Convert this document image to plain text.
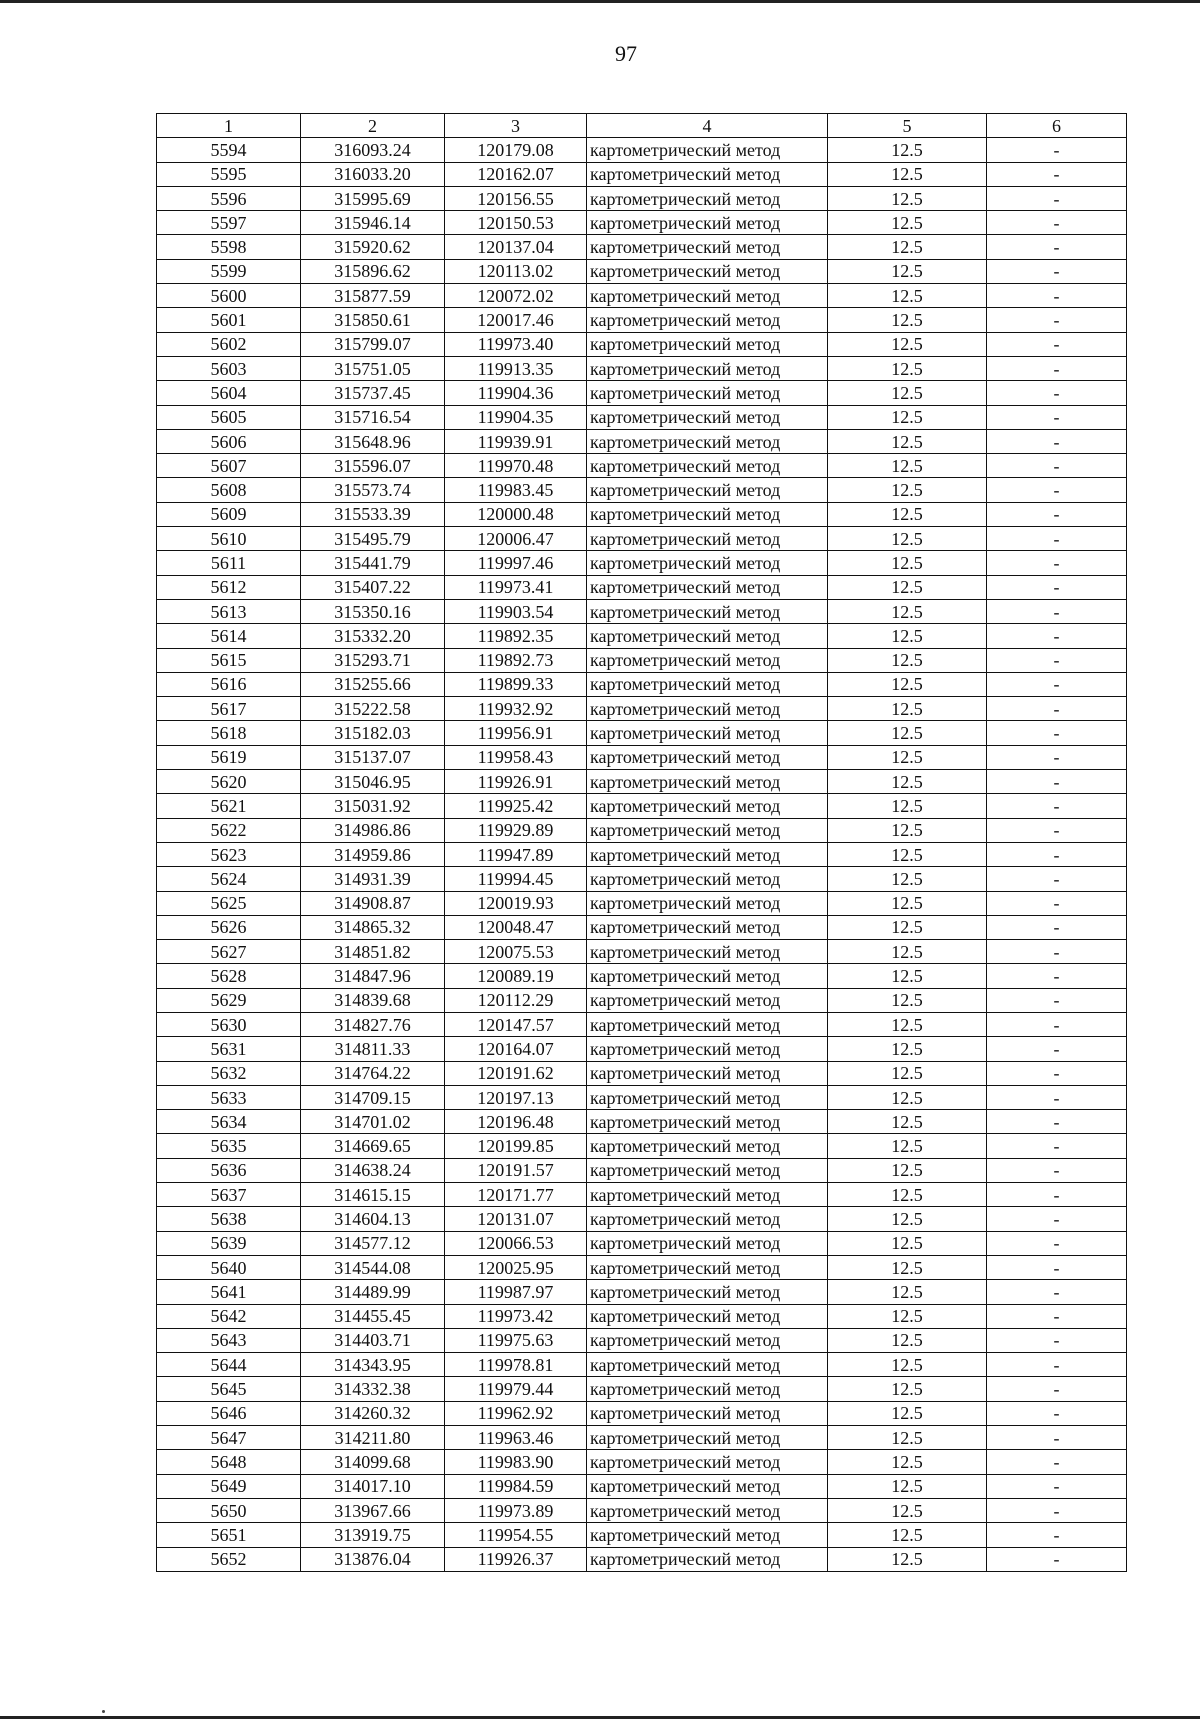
97
1	2	3	4	5	6
5594	316093.24	120179.08	картометрический метод	12.5	-
5595	316033.20	120162.07	картометрический метод	12.5	-
5596	315995.69	120156.55	картометрический метод	12.5	-
5597	315946.14	120150.53	картометрический метод	12.5	-
5598	315920.62	120137.04	картометрический метод	12.5	-
5599	315896.62	120113.02	картометрический метод	12.5	-
5600	315877.59	120072.02	картометрический метод	12.5	-
5601	315850.61	120017.46	картометрический метод	12.5	-
5602	315799.07	119973.40	картометрический метод	12.5	-
5603	315751.05	119913.35	картометрический метод	12.5	-
5604	315737.45	119904.36	картометрический метод	12.5	-
5605	315716.54	119904.35	картометрический метод	12.5	-
5606	315648.96	119939.91	картометрический метод	12.5	-
5607	315596.07	119970.48	картометрический метод	12.5	-
5608	315573.74	119983.45	картометрический метод	12.5	-
5609	315533.39	120000.48	картометрический метод	12.5	-
5610	315495.79	120006.47	картометрический метод	12.5	-
5611	315441.79	119997.46	картометрический метод	12.5	-
5612	315407.22	119973.41	картометрический метод	12.5	-
5613	315350.16	119903.54	картометрический метод	12.5	-
5614	315332.20	119892.35	картометрический метод	12.5	-
5615	315293.71	119892.73	картометрический метод	12.5	-
5616	315255.66	119899.33	картометрический метод	12.5	-
5617	315222.58	119932.92	картометрический метод	12.5	-
5618	315182.03	119956.91	картометрический метод	12.5	-
5619	315137.07	119958.43	картометрический метод	12.5	-
5620	315046.95	119926.91	картометрический метод	12.5	-
5621	315031.92	119925.42	картометрический метод	12.5	-
5622	314986.86	119929.89	картометрический метод	12.5	-
5623	314959.86	119947.89	картометрический метод	12.5	-
5624	314931.39	119994.45	картометрический метод	12.5	-
5625	314908.87	120019.93	картометрический метод	12.5	-
5626	314865.32	120048.47	картометрический метод	12.5	-
5627	314851.82	120075.53	картометрический метод	12.5	-
5628	314847.96	120089.19	картометрический метод	12.5	-
5629	314839.68	120112.29	картометрический метод	12.5	-
5630	314827.76	120147.57	картометрический метод	12.5	-
5631	314811.33	120164.07	картометрический метод	12.5	-
5632	314764.22	120191.62	картометрический метод	12.5	-
5633	314709.15	120197.13	картометрический метод	12.5	-
5634	314701.02	120196.48	картометрический метод	12.5	-
5635	314669.65	120199.85	картометрический метод	12.5	-
5636	314638.24	120191.57	картометрический метод	12.5	-
5637	314615.15	120171.77	картометрический метод	12.5	-
5638	314604.13	120131.07	картометрический метод	12.5	-
5639	314577.12	120066.53	картометрический метод	12.5	-
5640	314544.08	120025.95	картометрический метод	12.5	-
5641	314489.99	119987.97	картометрический метод	12.5	-
5642	314455.45	119973.42	картометрический метод	12.5	-
5643	314403.71	119975.63	картометрический метод	12.5	-
5644	314343.95	119978.81	картометрический метод	12.5	-
5645	314332.38	119979.44	картометрический метод	12.5	-
5646	314260.32	119962.92	картометрический метод	12.5	-
5647	314211.80	119963.46	картометрический метод	12.5	-
5648	314099.68	119983.90	картометрический метод	12.5	-
5649	314017.10	119984.59	картометрический метод	12.5	-
5650	313967.66	119973.89	картометрический метод	12.5	-
5651	313919.75	119954.55	картометрический метод	12.5	-
5652	313876.04	119926.37	картометрический метод	12.5	-
